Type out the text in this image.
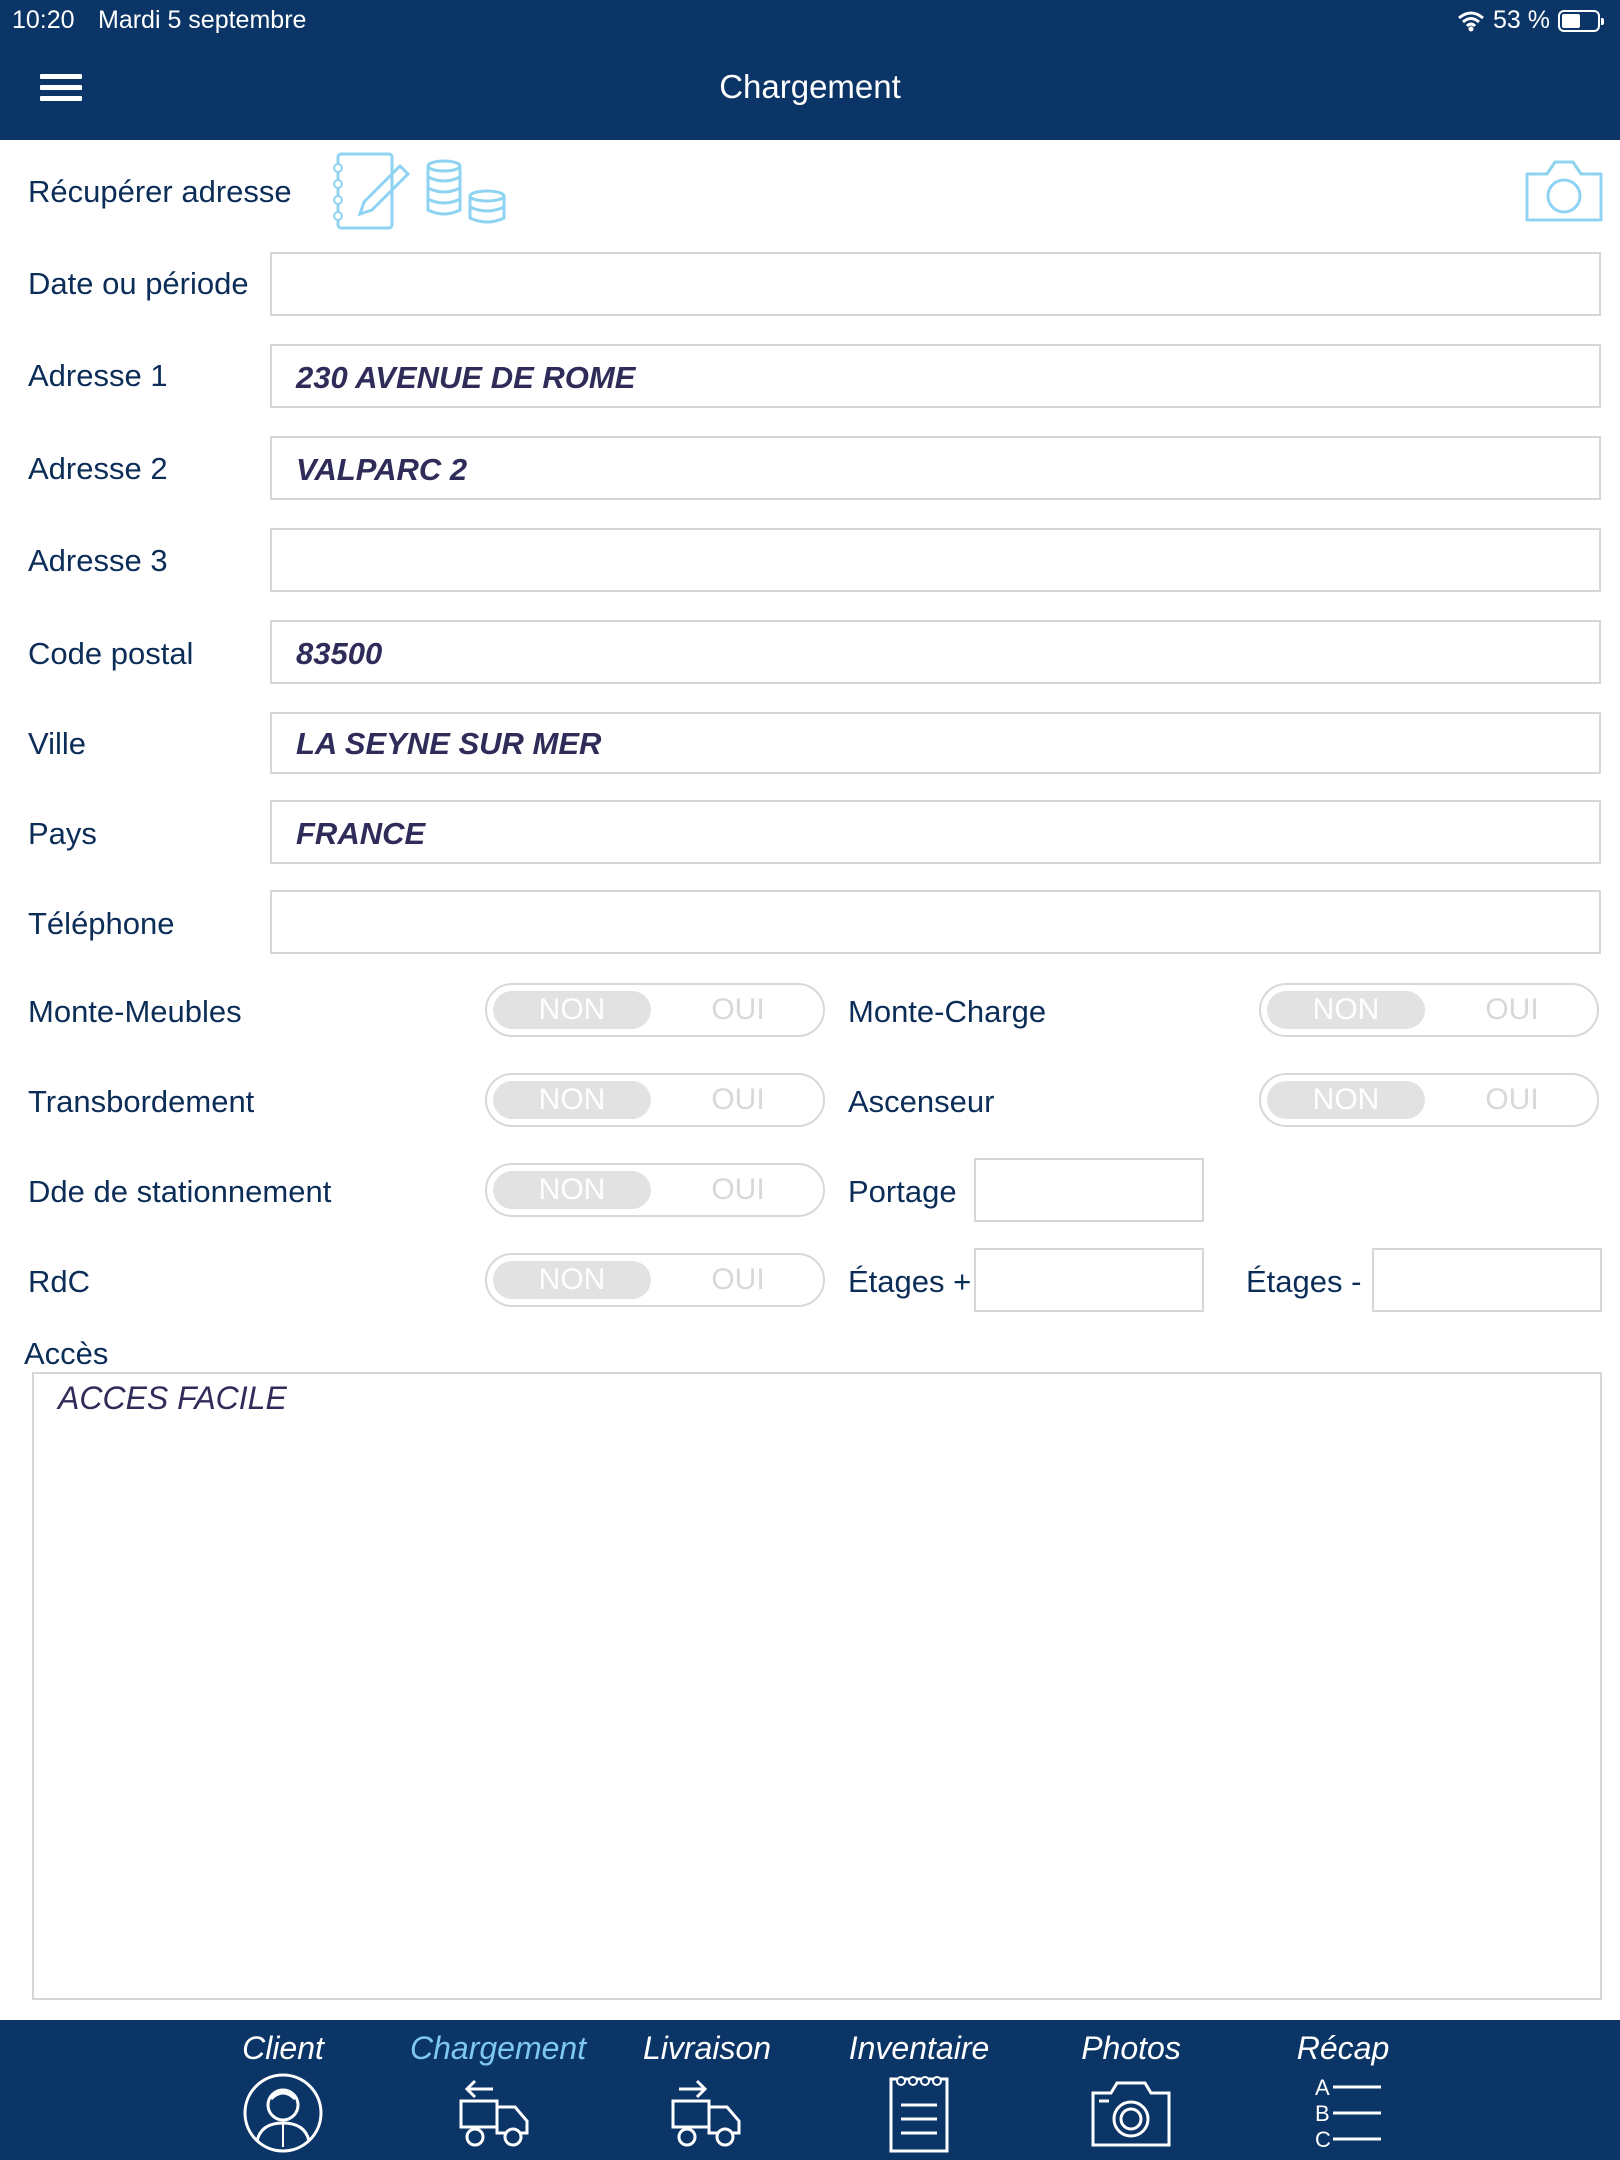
10:20 Mardi 5 septembre	53 %
Chargement
Récupérer adresse
Date ou période
Adresse 1	230 AVENUE DE ROME
Adresse 2	VALPARC 2
Adresse 3
Code postal	83500
Ville	LA SEYNE SUR MER
Pays	FRANCE
Téléphone
Monte-Meubles	NON	OUI	Monte-Charge	NON	OUI
Transbordement	NON	OUI	Ascenseur	NON	OUI
Dde de stationnement	NON	OUI	Portage
RdC	NON	OUI	Étages +	Étages -
Accès
ACCES FACILE
Client	Chargement	Livraison	Inventaire	Photos	Récap
A
B
C
